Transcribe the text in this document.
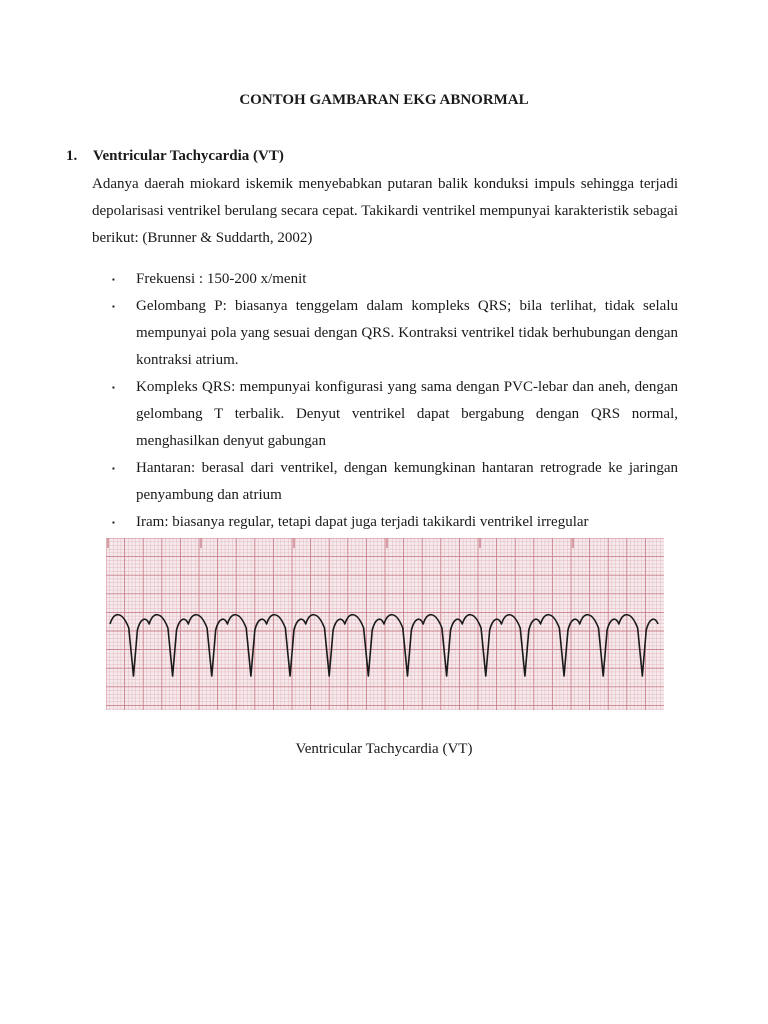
CONTOH GAMBARAN EKG ABNORMAL
1. Ventricular Tachycardia (VT)

Adanya daerah miokard iskemik menyebabkan putaran balik konduksi impuls sehingga terjadi depolarisasi ventrikel berulang secara cepat. Takikardi ventrikel mempunyai karakteristik sebagai berikut: (Brunner & Suddarth, 2002)

▪ Frekuensi : 150-200 x/menit
▪ Gelombang P: biasanya tenggelam dalam kompleks QRS; bila terlihat, tidak selalu mempunyai pola yang sesuai dengan QRS. Kontraksi ventrikel tidak berhubungan dengan kontraksi atrium.
▪ Kompleks QRS: mempunyai konfigurasi yang sama dengan PVC-lebar dan aneh, dengan gelombang T terbalik. Denyut ventrikel dapat bergabung dengan QRS normal, menghasilkan denyut gabungan
▪ Hantaran: berasal dari ventrikel, dengan kemungkinan hantaran retrograde ke jaringan penyambung dan atrium
▪ Iram: biasanya regular, tetapi dapat juga terjadi takikardi ventrikel irregular
Ventricular Tachycardia (VT)
